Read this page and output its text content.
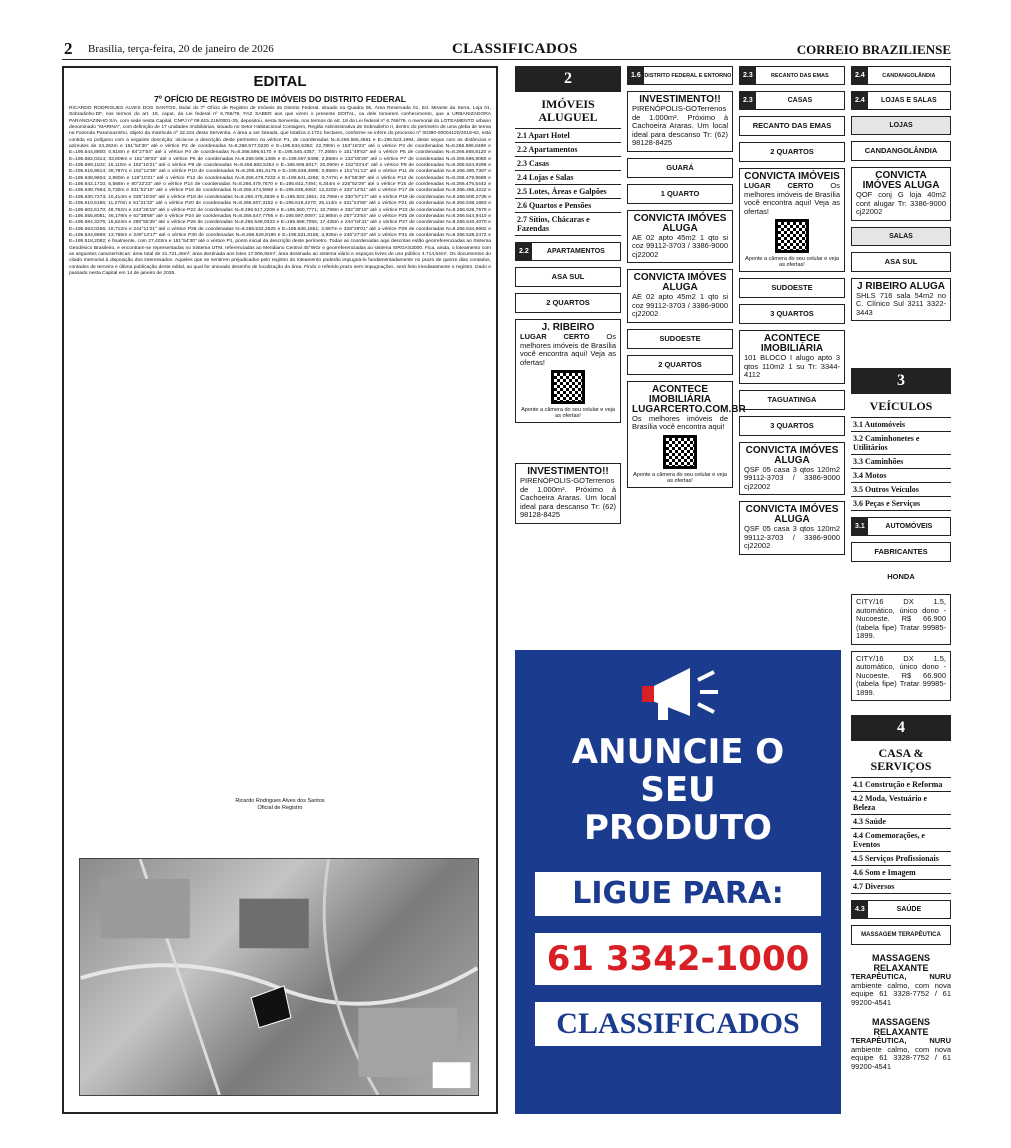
2 Brasília, terça-feira, 20 de janeiro de 2026	CLASSIFICADOS	CORREIO BRAZILIENSE
EDITAL
7º OFÍCIO DE REGISTRO DE IMÓVEIS DO DISTRITO FEDERAL
RICARDO RODRIGUES ALVES DOS SANTOS, titular do 7º Ofício de Registro de Imóveis do Distrito Federal, situado na Quadra 05, Área Reservada 01, Ed. Mirante da Serra, Loja 01, Sobradinho-DF, nos termos do art. 19, caput, da Lei federal nº 6.766/79, FAZ SABER aos que virem o presente EDITAL, ou dele tomarem conhecimento, que a URBANIZADORA PARANOAZINHO S/A, com sede nesta Capital, CNPJ nº 09.615.219/0001-25, depositou, nesta Serventia, nos termos do art. 18 da Lei federal nº 6.766/79, o memorial do LOTEAMENTO urbano denominado "MARINA", com definição de 17 unidades imobiliárias, situado no Setor Habitacional Contagem, Região Administrativa de Sobradinho II, dentro do perímetro de uma gleba de terras na Fazenda Paranoazinho, objeto da matrícula nº 22.224 desta Serventia. A área a ser loteada, que totaliza 2.1721 hectares, conforme se infere do processo nº 00390-00004120/2019-62, está contida no polígono com a seguinte descrição: inicia-se a descrição deste perímetro no vértice P1, de coordenadas N=8.266.555,4561 e E=195.523,1994, deste segue com as distâncias e azimutes de 24,262m e 151°54'30" até o vértice P2 de coordenadas N=8.266.577,0220 e E=195.534,6362; 22,780m e 153°18'23" até o vértice P3 de coordenadas N=8.266.596,6489 e E=195.544,8800; 0,618m e 84°27'54" até o vértice P4 de coordenadas N=8.266.596,6170 e E=195.545,4357; 77,268m e 151°49'53" até o vértice P5 de coordenadas N=8.266.568,8120 e E=195.582,0314; 33,609m e 151°49'03" até o vértice P6 de coordenadas N=8.266.598,1486 e E=195.597,9496; 2,558m e 133°00'28" até o vértice P7 de coordenadas N=8.266.596,8080 e E=195.599,1102; 16,110m e 152°16'21" até o vértice P8 de coordenadas N=8.266.582,5354 e E=195.606,6017; 20,090m e 152°03'44" até o vértice P9 de coordenadas N=8.266.524,9298 e E=195.615,9614; 48,787m e 152°12'36" até o vértice P10 de coordenadas N=8.266.481,6175 e E=195.638,4995; 0,958m e 151°01'12" até o vértice P11 de coordenadas N=8.266.480,7387 e E=195.638,9604; 2,860m e 118°10'21" até o vértice P12 de coordenadas N=8.266.479,7233 e E=195.641,4265; 0,747m e 84°56'39" até o vértice P13 de coordenadas N=8.266.479,9589 e E=195.642,1710; 6,588m e 80°22'23" até o vértice P14 de coordenadas N=8.266.479,7570 e E=195.642,7494; 6,344m e 225°52'29" até o vértice P15 de coordenadas N=8.266.475,5442 e E=195.638,7564; 6,730m e 331°52'16" até o vértice P16 de coordenadas N=8.266.474,5992 e E=195.636,4063; 12,220m e 332°14'51" até o vértice P17 de coordenadas N=8.266.465,4222 e E=195.630,7274; 10,414m e 335°19'29" até o vértice P18 de coordenadas N=8.266.475,4639 e E=195.622,1651; 23,766m e 330°57'17" até o vértice P19 de coordenadas N=8.266.500,2735 e E=195.610,6186; 11,270m e 51°21'32" até o vértice P20 de coordenadas N=8.266.507,3152 e E=195.619,4270; 25,114m e 331°24'58" até o vértice P21 de coordenadas N=8.266.538,1683 e E=195.602,6170; 48,762m e 243°26'19" até o vértice P22 de coordenadas N=8.266.517,2208 e E=195.560,7771; 10,768m e 332°30'19" até o vértice P23 de coordenadas N=8.266.526,7579 e E=195.555,8081; 46,179m e 62°38'58" até o vértice P24 de coordenadas N=8.266.547,7795 e E=195.597,0097; 12,985m e 257°23'54" até o vértice P25 de coordenadas N=8.266.544,9410 e E=195.584,3376; 15,824m e 280°55'35" até o vértice P26 de coordenadas N=8.266.548,0333 e E=195.568,7055; 17,435m e 244°04'41" até o vértice P27 de coordenadas N=8.266.540,4070 e E=195.553,0256; 18,712m e 244°11'21" até o vértice P28 de coordenadas N=8.266.532,2525 e E=195.536,1851; 2,867m e 328°29'01" até o vértice P29 de coordenadas N=8.266.534,6982 e E=195.534,6869; 13,765m e 249°13'17" até o vértice P30 de coordenadas N=8.266.529,8190 e E=195.521,8155; 3,935m e 246°27'43" até o vértice P31 de coordenadas N=8.266.528,2472 e E=195.518,2082; e finalmente, com 27,402m e 151°54'30" até o vértice P1, ponto inicial da descrição deste perímetro. Todas as coordenadas aqui descritas estão georreferenciadas ao Sistema Geodésico Brasileiro, e encontram-se representadas no Sistema UTM, referenciadas ao Meridiano Central 45°WGr e georreferenciadas ao sistema SIRGAS2000. Fica, ainda, o loteamento com as seguintes características: área total de 21.721,46m²; área destinada aos lotes 17.006,92m²; área destinada ao sistema viário e espaços livres de uso público 4.714,54m². Os documentos do citado memorial à disposição dos interessados. Aqueles que se sentirem prejudicados pelo registro do loteamento poderão impugná-lo fundamentadamente no prazo de quinze dias contados, contados de terceira e última publicação deste edital, ao qual for anexado desenho de localização da área. Findo o referido prazo sem impugnações, será feito imediatamente o registro. Dado e passado nesta Capital em 14 de janeiro de 2026.
Ricardo Rodrigues Alves dos Santos
Oficial de Registro
2
IMÓVEIS ALUGUEL
2.1 Apart Hotel
2.2 Apartamentos
2.3 Casas
2.4 Lojas e Salas
2.5 Lotes, Áreas e Galpões
2.6 Quartos e Pensões
2.7 Sítios, Chácaras e Fazendas
2.2	APARTAMENTOS
ASA SUL
2 QUARTOS
J. RIBEIRO
LUGAR CERTO Os melhores imóveis de Brasília você encontra aqui! Veja as ofertas!
Aponte a câmera do seu celular e veja as ofertas!
INVESTIMENTO!!
PIRENÓPOLIS-GOTerrenos de 1.000m². Próximo à Cachoeira Araras. Um local ideal para descanso Tr: (62) 98128-8425
1.6 DISTRITO FEDERAL E ENTORNO
INVESTIMENTO!!
PIRENÓPOLIS-GOTerrenos de 1.000m². Próximo à Cachoeira Araras. Um local ideal para descanso Tr: (62) 98128-8425
GUARÁ
1 QUARTO
CONVICTA IMÓVES ALUGA
AE 02 apto 45m2 1 qto si coz 99112-3703 / 3386-9000 cj22002
CONVICTA IMÓVES ALUGA
AE 02 apto 45m2 1 qto si coz 99112-3703 / 3386-9000 cj22002
SUDOESTE
2 QUARTOS
ACONTECE IMOBILIÁRIA LUGARCERTO.COM.BR
Os melhores imóveis de Brasília você encontra aqui!
Aponte a câmera do seu celular e veja as ofertas!
2.3	RECANTO DAS EMAS
2.3	CASAS
RECANTO DAS EMAS
2 QUARTOS
CONVICTA IMÓVEIS
LUGAR CERTO Os melhores imóveis de Brasília você encontra aqui! Veja as ofertas!
Aponte a câmera do seu celular e veja as ofertas!
SUDOESTE
3 QUARTOS
ACONTECE IMOBILIÁRIA
101 BLOCO I alugo apto 3 qtos 110m2 1 su Tr: 3344-4112
TAGUATINGA
3 QUARTOS
CONVICTA IMÓVES ALUGA
QSF 05 casa 3 qtos 120m2 99112-3703 / 3386-9000 cj22002
CONVICTA IMÓVES ALUGA
QSF 05 casa 3 qtos 120m2 99112-3703 / 3386-9000 cj22002
2.4	CANDANGOLÂNDIA
2.4	LOJAS E SALAS
LOJAS
CANDANGOLÂNDIA
CONVICTA IMÓVES ALUGA
QOF conj G loja 40m2 cont alugar Tr: 3386-9000 cj22002
SALAS
ASA SUL
J RIBEIRO ALUGA
SHLS 716 sala 54m2 no C. Clínico Sul 3211 3322-3443
3
VEÍCULOS
3.1 Automóveis
3.2 Caminhonetes e Utilitários
3.3 Caminhões
3.4 Motos
3.5 Outros Veículos
3.6 Peças e Serviços
3.1	AUTOMÓVEIS
FABRICANTES
HONDA
CITY/16 DX 1.5, automático, único dono - Nucoeste. R$ 66.900 (tabela fipe) Tratar 99985-1899.
CITY/16 DX 1.5, automático, único dono - Nucoeste. R$ 66.900 (tabela fipe) Tratar 99985-1899.
4
CASA & SERVIÇOS
4.1 Construção e Reforma
4.2 Moda, Vestuário e Beleza
4.3 Saúde
4.4 Comemorações, e Eventos
4.5 Serviços Profissionais
4.6 Som e Imagem
4.7 Diversos
4.3	SAÚDE
MASSAGEM TERAPÊUTICA
MASSAGENS RELAXANTE
TERAPÊUTICA, NURU ambiente calmo, com nova equipe 61 3328-7752 / 61 99200-4541
MASSAGENS RELAXANTE
TERAPÊUTICA, NURU ambiente calmo, com nova equipe 61 3328-7752 / 61 99200-4541
ANUNCIE O
SEU
PRODUTO
LIGUE PARA:
61 3342-1000
CLASSIFICADOS
